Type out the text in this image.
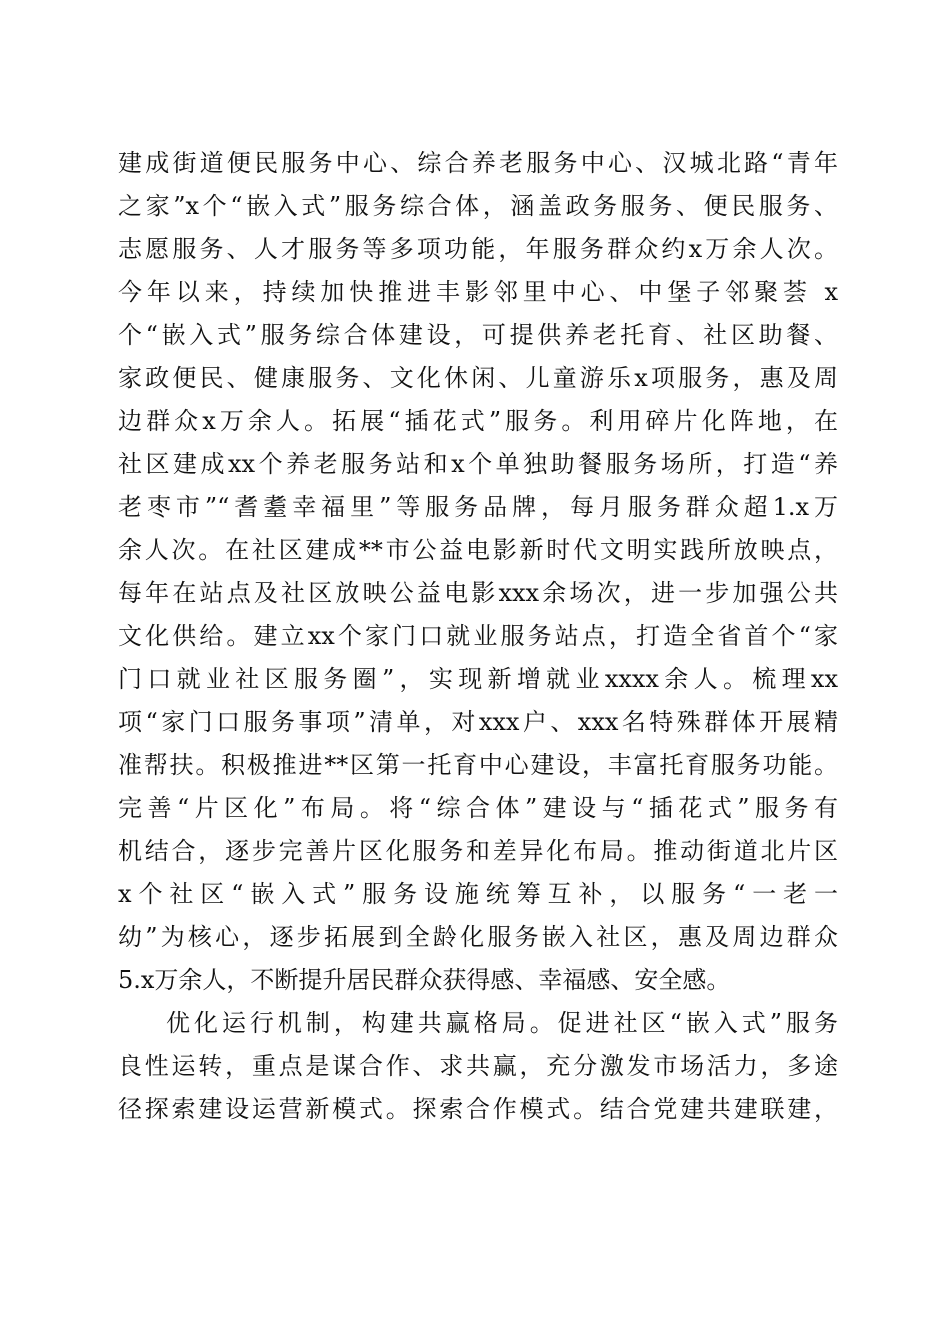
建成街道便民服务中心、综合养老服务中心、汉城北路“青年
之家”x个“嵌入式”服务综合体，涵盖政务服务、便民服务、
志愿服务、人才服务等多项功能，年服务群众约x万余人次。
今年以来，持续加快推进丰影邻里中心、中堡子邻聚荟 x
个“嵌入式”服务综合体建设，可提供养老托育、社区助餐、
家政便民、健康服务、文化休闲、儿童游乐x项服务，惠及周
边群众x万余人。拓展“插花式”服务。利用碎片化阵地，在
社区建成xx个养老服务站和x个单独助餐服务场所，打造“养
老枣市”“耆耋幸福里”等服务品牌，每月服务群众超1.x万
余人次。在社区建成**市公益电影新时代文明实践所放映点，
每年在站点及社区放映公益电影xxx余场次，进一步加强公共
文化供给。建立xx个家门口就业服务站点，打造全省首个“家
门口就业社区服务圈”，实现新增就业xxxx余人。梳理xx
项“家门口服务事项”清单，对xxx户、xxx名特殊群体开展精
准帮扶。积极推进**区第一托育中心建设，丰富托育服务功能。
完善“片区化”布局。将“综合体”建设与“插花式”服务有
机结合，逐步完善片区化服务和差异化布局。推动街道北片区
x个社区“嵌入式”服务设施统筹互补，以服务“一老一
幼”为核心，逐步拓展到全龄化服务嵌入社区，惠及周边群众
5.x万余人，不断提升居民群众获得感、幸福感、安全感。
优化运行机制，构建共赢格局。促进社区“嵌入式”服务
良性运转，重点是谋合作、求共赢，充分激发市场活力，多途
径探索建设运营新模式。探索合作模式。结合党建共建联建，
